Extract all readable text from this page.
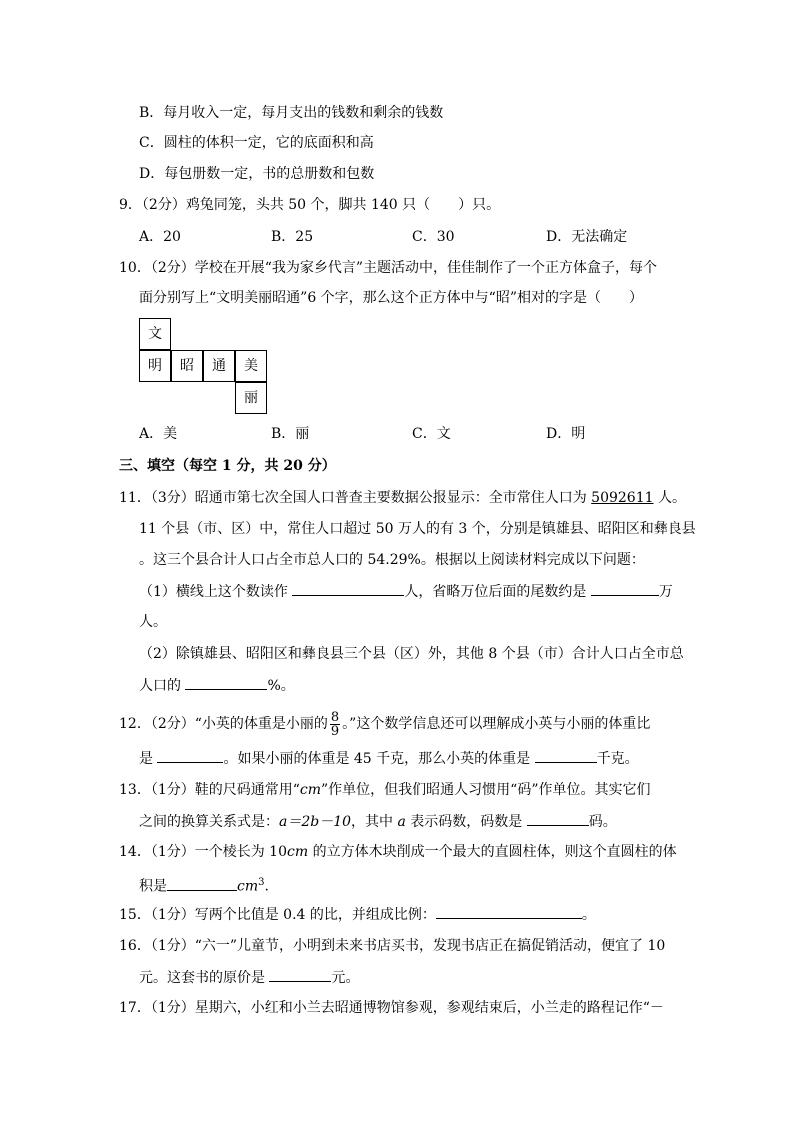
B．每月收入一定，每月支出的钱数和剩余的钱数
C．圆柱的体积一定，它的底面积和高
D．每包册数一定，书的总册数和包数
9．（2分）鸡兔同笼，头共 50 个，脚共 140 只（　　）只。
A．20	B．25	C．30	D．无法确定
10．（2分）学校在开展“我为家乡代言”主题活动中，佳佳制作了一个正方体盒子，每个
面分别写上“文明美丽昭通”6 个字，那么这个正方体中与“昭”相对的字是（　　）
文
明	昭	通	美
丽
A．美	B．丽	C．文	D．明
三、填空（每空 1 分，共 20 分）
11．（3分）昭通市第七次全国人口普查主要数据公报显示：全市常住人口为 5092611 人。
11 个县（市、区）中，常住人口超过 50 万人的有 3 个，分别是镇雄县、昭阳区和彝良县
。这三个县合计人口占全市总人口的 54.29%。根据以上阅读材料完成以下问题：
（1）横线上这个数读作	人，省略万位后面的尾数约是	万
人。
（2）除镇雄县、昭阳区和彝良县三个县（区）外，其他 8 个县（市）合计人口占全市总
人口的	%。
12．（2分）“小英的体重是小丽的 $\frac{8}{9}$ 。”这个数学信息还可以理解成小英与小丽的体重比
是	。如果小丽的体重是 45 千克，那么小英的体重是	千克。
13．（1分）鞋的尺码通常用“cm”作单位，但我们昭通人习惯用“码”作单位。其实它们
之间的换算关系式是：a＝2b－10，其中 a 表示码数，码数是	码。
14．（1分）一个棱长为 10cm 的立方体木块削成一个最大的直圆柱体，则这个直圆柱的体
积是	$cm^3$.
15．（1分）写两个比值是 0.4 的比，并组成比例：	。
16．（1分）“六一”儿童节，小明到未来书店买书，发现书店正在搞促销活动，便宜了 10
元。这套书的原价是	元。
17．（1分）星期六，小红和小兰去昭通博物馆参观，参观结束后，小兰走的路程记作“－
